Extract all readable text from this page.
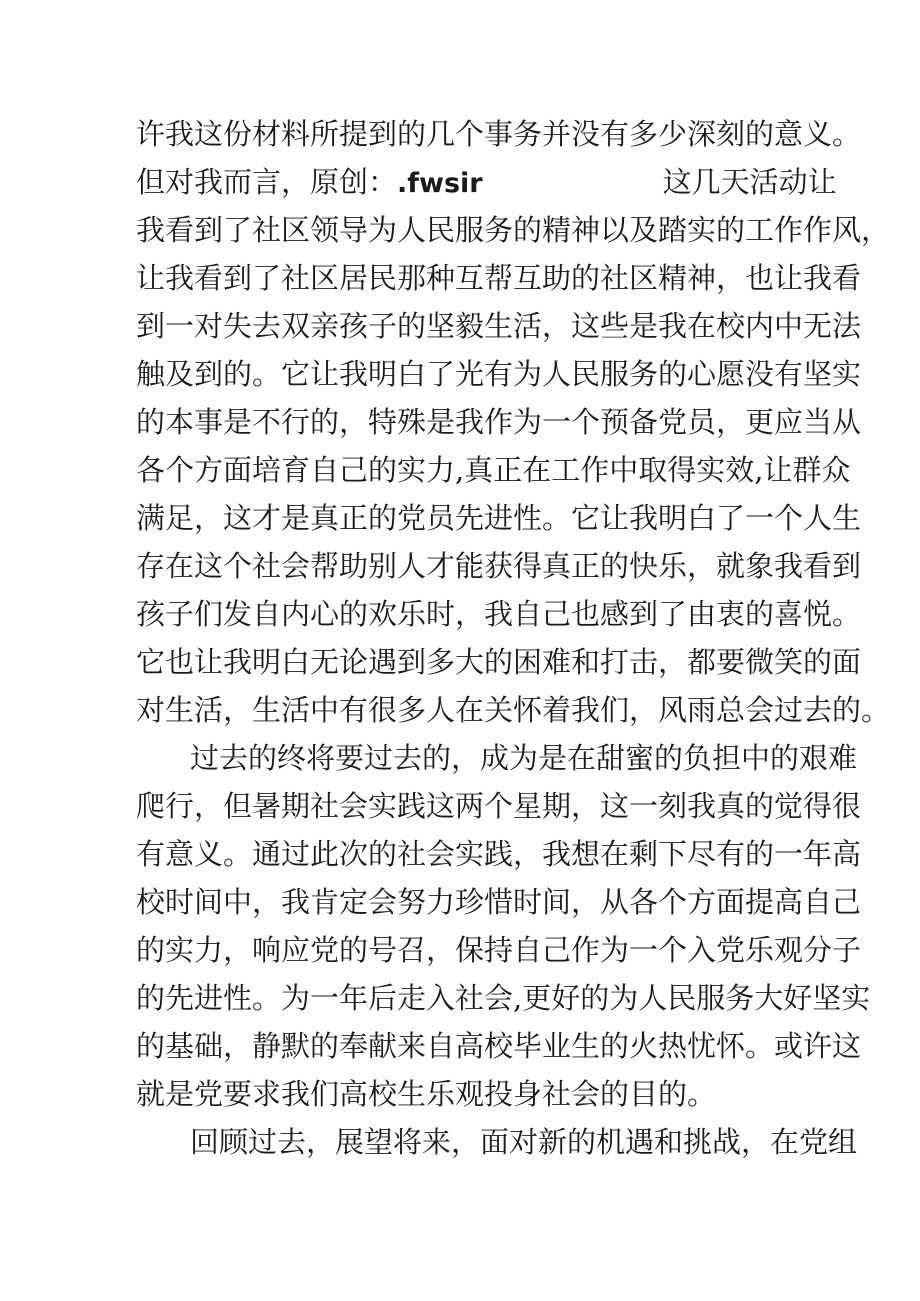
许我这份材料所提到的几个事务并没有多少深刻的意义。
但对我而言，原创：.fwsir	这几天活动让
我看到了社区领导为人民服务的精神以及踏实的工作作风，
让我看到了社区居民那种互帮互助的社区精神，也让我看
到一对失去双亲孩子的坚毅生活，这些是我在校内中无法
触及到的。它让我明白了光有为人民服务的心愿没有坚实
的本事是不行的，特殊是我作为一个预备党员，更应当从
各个方面培育自己的实力,真正在工作中取得实效,让群众
满足，这才是真正的党员先进性。它让我明白了一个人生
存在这个社会帮助别人才能获得真正的快乐，就象我看到
孩子们发自内心的欢乐时，我自己也感到了由衷的喜悦。
它也让我明白无论遇到多大的困难和打击，都要微笑的面
对生活，生活中有很多人在关怀着我们，风雨总会过去的。
过去的终将要过去的，成为是在甜蜜的负担中的艰难
爬行，但暑期社会实践这两个星期，这一刻我真的觉得很
有意义。通过此次的社会实践，我想在剩下尽有的一年高
校时间中，我肯定会努力珍惜时间，从各个方面提高自己
的实力，响应党的号召，保持自己作为一个入党乐观分子
的先进性。为一年后走入社会,更好的为人民服务大好坚实
的基础，静默的奉献来自高校毕业生的火热忧怀。或许这
就是党要求我们高校生乐观投身社会的目的。
回顾过去，展望将来，面对新的机遇和挑战，在党组
